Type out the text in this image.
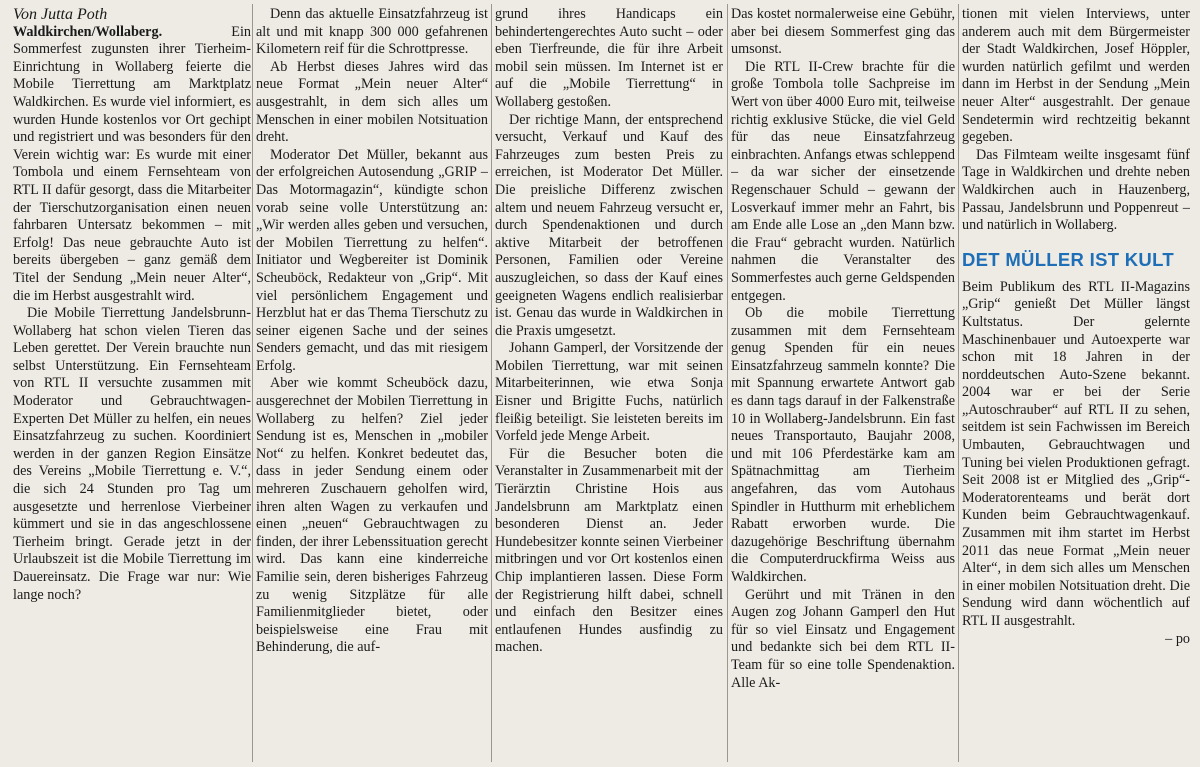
Von Jutta Poth

Waldkirchen/Wollaberg.	Ein Sommerfest zugunsten ihrer Tierheim-Einrichtung in Wollaberg feierte die Mobile Tierrettung am Marktplatz Waldkirchen. Es wurde viel informiert, es wurden Hunde kostenlos vor Ort gechipt und registriert und was besonders für den Verein wichtig war: Es wurde mit einer Tombola und einem Fernsehteam von RTL II dafür gesorgt, dass die Mitarbeiter der Tierschutzorganisation einen neuen fahrbaren Untersatz bekommen – mit Erfolg! Das neue gebrauchte Auto ist bereits übergeben – ganz gemäß dem Titel der Sendung „Mein neuer Alter“, die im Herbst ausgestrahlt wird.

Die Mobile Tierrettung Jandelsbrunn-Wollaberg hat schon vielen Tieren das Leben gerettet. Der Verein brauchte nun selbst Unterstützung. Ein Fernsehteam von RTL II versuchte zusammen mit Moderator und Gebrauchtwagen-Experten Det Müller zu helfen, ein neues Einsatzfahrzeug zu suchen. Koordiniert werden in der ganzen Region Einsätze des Vereins „Mobile Tierrettung e. V.“, die sich 24 Stunden pro Tag um ausgesetzte und herrenlose Vierbeiner kümmert und sie in das angeschlossene Tierheim bringt. Gerade jetzt in der Urlaubszeit ist die Mobile Tierrettung im Dauereinsatz. Die Frage war nur: Wie lange noch?

Denn das aktuelle Einsatzfahrzeug ist alt und mit knapp 300 000 gefahrenen Kilometern reif für die Schrottpresse.

Ab Herbst dieses Jahres wird das neue Format „Mein neuer Alter“ ausgestrahlt, in dem sich alles um Menschen in einer mobilen Notsituation dreht.

Moderator Det Müller, bekannt aus der erfolgreichen Autosendung „GRIP – Das Motormagazin“, kündigte schon vorab seine volle Unterstützung an: „Wir werden alles geben und versuchen, der Mobilen Tierrettung zu helfen“. Initiator und Wegbereiter ist Dominik Scheuböck, Redakteur von „Grip“. Mit viel persönlichem Engagement und Herzblut hat er das Thema Tierschutz zu seiner eigenen Sache und der seines Senders gemacht, und das mit riesigem Erfolg.

Aber wie kommt Scheuböck dazu, ausgerechnet der Mobilen Tierrettung in Wollaberg zu helfen? Ziel jeder Sendung ist es, Menschen in „mobiler Not“ zu helfen. Konkret bedeutet das, dass in jeder Sendung einem oder mehreren Zuschauern geholfen wird, ihren alten Wagen zu verkaufen und einen „neuen“ Gebrauchtwagen zu finden, der ihrer Lebenssituation gerecht wird. Das kann eine kinderreiche Familie sein, deren bisheriges Fahrzeug zu wenig Sitzplätze für alle Familienmitglieder bietet, oder beispielsweise eine Frau mit Behinderung, die auf-

grund ihres Handicaps ein behindertengerechtes Auto sucht – oder eben Tierfreunde, die für ihre Arbeit mobil sein müssen. Im Internet ist er auf die „Mobile Tierrettung“ in Wollaberg gestoßen.

Der richtige Mann, der entsprechend versucht, Verkauf und Kauf des Fahrzeuges zum besten Preis zu erreichen, ist Moderator Det Müller. Die preisliche Differenz zwischen altem und neuem Fahrzeug versucht er, durch Spendenaktionen und durch aktive Mitarbeit der betroffenen Personen, Familien oder Vereine auszugleichen, so dass der Kauf eines geeigneten Wagens endlich realisierbar ist. Genau das wurde in Waldkirchen in die Praxis umgesetzt.

Johann Gamperl, der Vorsitzende der Mobilen Tierrettung, war mit seinen Mitarbeiterinnen, wie etwa Sonja Eisner und Brigitte Fuchs, natürlich fleißig beteiligt. Sie leisteten bereits im Vorfeld jede Menge Arbeit.

Für die Besucher boten die Veranstalter in Zusammenarbeit mit der Tierärztin Christine Hois aus Jandelsbrunn am Marktplatz einen besonderen Dienst an. Jeder Hundebesitzer konnte seinen Vierbeiner mitbringen und vor Ort kostenlos einen Chip implantieren lassen. Diese Form der Registrierung hilft dabei, schnell und einfach den Besitzer eines entlaufenen Hundes ausfindig zu machen.

Das kostet normalerweise eine Gebühr, aber bei diesem Sommerfest ging das umsonst.

Die RTL II-Crew brachte für die große Tombola tolle Sachpreise im Wert von über 4000 Euro mit, teilweise richtig exklusive Stücke, die viel Geld für das neue Einsatzfahrzeug einbrachten. Anfangs etwas schleppend – da war sicher der einsetzende Regenschauer Schuld – gewann der Losverkauf immer mehr an Fahrt, bis am Ende alle Lose an „den Mann bzw. die Frau“ gebracht wurden. Natürlich nahmen die Veranstalter des Sommerfestes auch gerne Geldspenden entgegen.

Ob die mobile Tierrettung zusammen mit dem Fernsehteam genug Spenden für ein neues Einsatzfahrzeug sammeln konnte? Die mit Spannung erwartete Antwort gab es dann tags darauf in der Falkenstraße 10 in Wollaberg-Jandelsbrunn. Ein fast neues Transportauto, Baujahr 2008, und mit 106 Pferdestärke kam am Spätnachmittag am Tierheim angefahren, das vom Autohaus Spindler in Hutthurm mit erheblichem Rabatt erworben wurde. Die dazugehörige Beschriftung übernahm die Computerdruckfirma Weiss aus Waldkirchen.

Gerührt und mit Tränen in den Augen zog Johann Gamperl den Hut für so viel Einsatz und Engagement und bedankte sich bei dem RTL II-Team für so eine tolle Spendenaktion. Alle Ak-

tionen mit vielen Interviews, unter anderem auch mit dem Bürgermeister der Stadt Waldkirchen, Josef Höppler, wurden natürlich gefilmt und werden dann im Herbst in der Sendung „Mein neuer Alter“ ausgestrahlt. Der genaue Sendetermin wird rechtzeitig bekannt gegeben.

Das Filmteam weilte insgesamt fünf Tage in Waldkirchen und drehte neben Waldkirchen auch in Hauzenberg, Passau, Jandelsbrunn und Poppenreut – und natürlich in Wollaberg.

DET MÜLLER IST KULT

Beim Publikum des RTL II-Magazins „Grip“ genießt Det Müller längst Kultstatus. Der gelernte Maschinenbauer und Autoexperte war schon mit 18 Jahren in der norddeutschen Auto-Szene bekannt. 2004 war er bei der Serie „Autoschrauber“ auf RTL II zu sehen, seitdem ist sein Fachwissen im Bereich Umbauten, Gebrauchtwagen und Tuning bei vielen Produktionen gefragt. Seit 2008 ist er Mitglied des „Grip“-Moderatorenteams und berät dort Kunden beim Gebrauchtwagenkauf. Zusammen mit ihm startet im Herbst 2011 das neue Format „Mein neuer Alter“, in dem sich alles um Menschen in einer mobilen Notsituation dreht. Die Sendung wird dann wöchentlich auf RTL II ausgestrahlt.

– po
